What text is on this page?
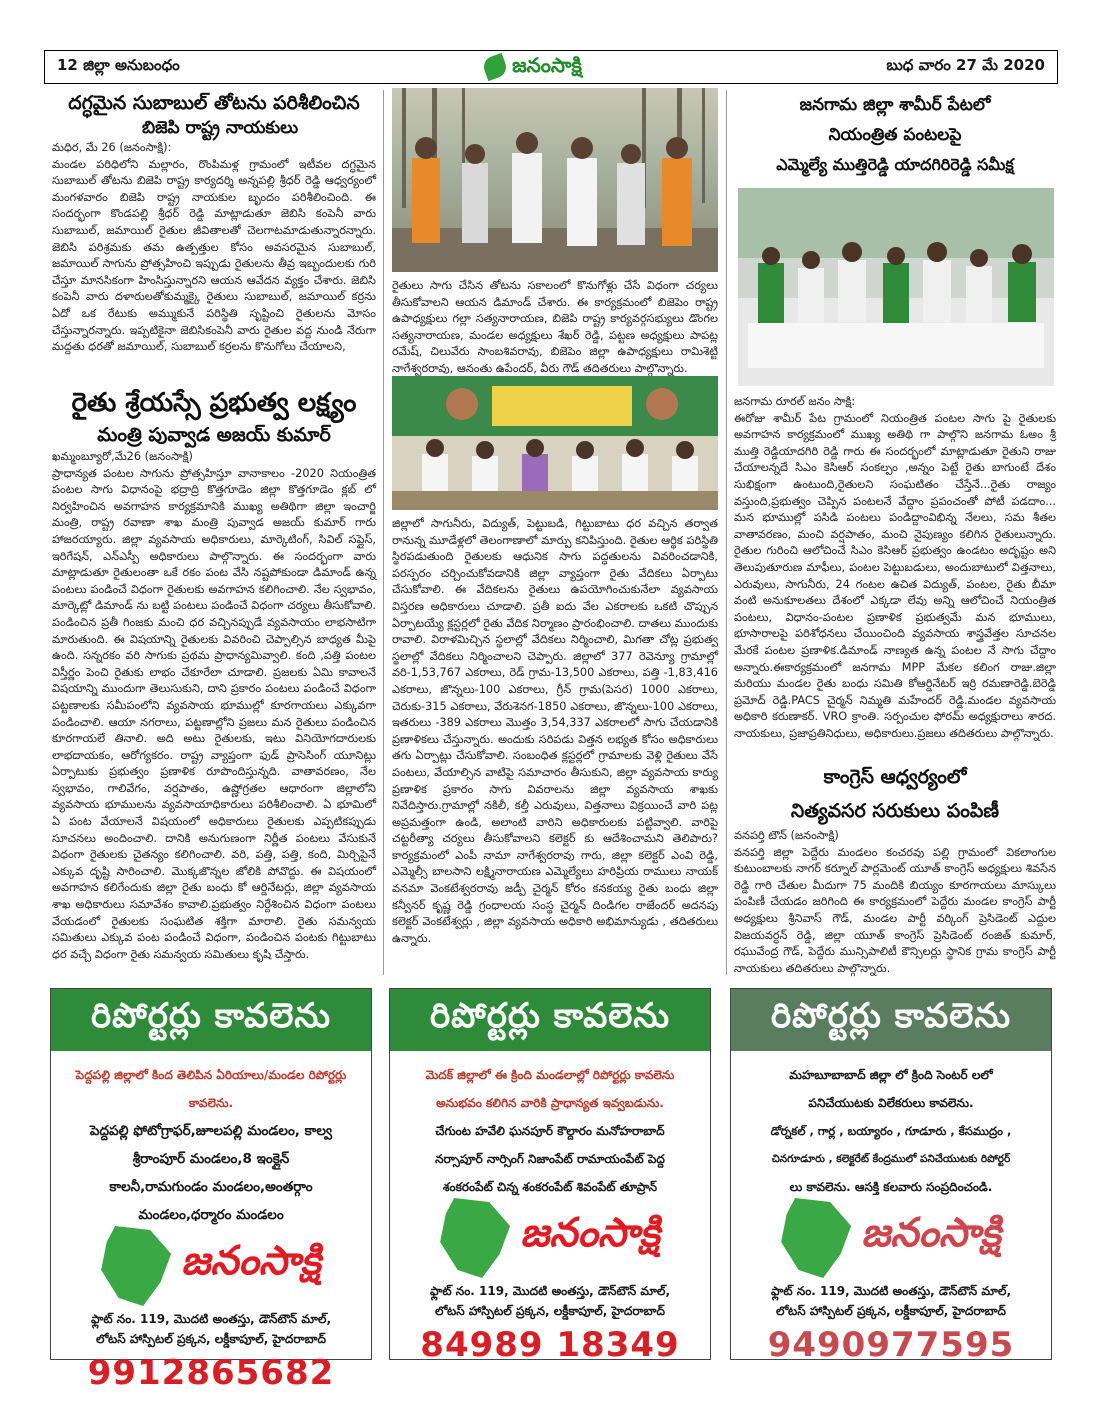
12 జిల్లా అనుబంధం	జనంసాక్షి	బుధ వారం 27 మే 2020
దగ్ధమైన సుబాబుల్ తోటను పరిశీలించిన
బిజెపి రాష్ట్ర నాయకులు
మధిర, మే 26 (జనంసాక్షి):
మండల పరిధిలోని మల్లారం, రొంపిమళ్ల గ్రామంలో ఇటీవల దగ్ధమైన సుబాబుల్ తోటను బిజెపి రాష్ట్ర కార్యదర్శి అన్నపల్లి శ్రీధర్ రెడ్డి ఆధ్వర్యంలో మంగళవారం బిజెపి రాష్ట్ర నాయకుల బృందం పరిశీలించింది. ఈ సందర్భంగా కొండపల్లి శ్రీధర్ రెడ్డి మాట్లాడుతూ జెబిసి కంపెనీ వారు సుబాబుల్, జమాయిల్ రైతుల జీవితాలతో చెలగాటమాడుతున్నారన్నారు. జెబిసి పరిశ్రమకు తమ ఉత్పత్తుల కోసం అవసరమైన సుబాబుల్, జమాయిల్ సాగును ప్రోత్సహించి ఇప్పుడు రైతులను తీవ్ర ఇబ్బందులకు గురి చేస్తూ మానసికంగా హింసిస్తున్నారని ఆయన ఆవేదన వ్యక్తం చేశారు. జెబిసి కంపెనీ వారు దళారులతోకుమ్మక్కై రైతులు సుబాబుల్, జమాయిల్ కర్రను ఏదో ఒక రేటుకు అమ్ముకునే పరిస్థితి సృష్టించి రైతులను మోసం చేస్తున్నారన్నారు. ఇప్పటికైనా జెబిసికంపెనీ వారు రైతుల వద్ద నుండి నేరుగా మద్దతు ధరతో జమాయిల్, సుబాబుల్ కర్రలను కొనుగోలు చేయాలని,
రైతు శ్రేయస్సే ప్రభుత్వ లక్ష్యం
మంత్రి పువ్వాడ అజయ్ కుమార్
ఖమ్మంబ్యూరో,మే26 (జనంసాక్షి)
ప్రాధాన్యత పంటల సాగును ప్రోత్సహిస్తూ వానాకాలం -2020 నియంత్రిత పంటల సాగు విధానంపై భద్రాద్రి కొత్తగూడెం జిల్లా కొత్తగూడెం క్లబ్ లో నిర్వహించిన అవగాహన కార్యక్రమానికి ముఖ్య అతిథిగా జిల్లా ఇంచార్జి మంత్రి, రాష్ట్ర రవాణా శాఖ మంత్రి పువ్వాడ అజయ్ కుమార్ గారు హాజరయ్యారు. జిల్లా వ్యవసాయ అధికారులు, మార్కెటింగ్, సివిల్ సప్లైస్, ఇరిగేషన్, ఎన్ఎస్పీ అధికారులు పాల్గొన్నారు. ఈ సందర్భంగా వారు మాట్లాడుతూ రైతులంతా ఒకే రకం పంట వేసి నష్టపోకుండా డిమాండ్ ఉన్న పంటలు పండించే విధంగా రైతులకు అవగాహన కలిగించాలి. నేల స్వభావం, మార్కెట్లో డిమాండ్ ను బట్టి పంటలు పండించే విధంగా చర్యలు తీసుకోవాలి. పండించిన ప్రతీ గింజకు మంచి ధర వచ్చినప్పుడే వ్యవసాయం లాభసాటిగా మారుతుంది. ఈ విషయాన్ని రైతులకు వివరించి చెప్పాల్సిన బాధ్యత మీపై ఉంది. సన్నరకం వరి సాగుకు ప్రథమ ప్రాధాన్యమివ్వాలి. కంది ,పత్తి పంటల విస్తీర్ణం పెంచి రైతుకు లాభం చేకూరేలా చూడాలి. ప్రజలకు ఏమి కావాలనే విషయాన్ని ముందుగా తెలుసుకుని, దాని ప్రకారం పంటలు పండించే విధంగా పట్టణాలకు సమీపంలోని వ్యవసాయ భూముల్లో కూరగాయలు ఎక్కువగా పండించాలి. ఆయా నగరాలు, పట్టణాల్లోని ప్రజలు మన రైతులు పండించిన కూరగాయలే తినాలి. అది అటు రైతులకు, ఇటు వినియోగదారులకు లాభదాయకం, ఆరోగ్యకరం. రాష్ట్ర వ్యాప్తంగా ఫుడ్ ప్రాసెసింగ్ యూనిట్లు ఏర్పాటుకు ప్రభుత్వం ప్రణాళిక రూపొందిస్తున్నది. వాతావరణం, నేల స్వభావం, గాలివేగం, వర్షపాతం, ఉష్ణోగ్రతల ఆధారంగా జిల్లాలోని వ్యవసాయ భూములను వ్యవసాయాధికారులు పరిశీలించాలి. ఏ భూమిలో ఏ పంట వేయాలనే విషయంలో అధికారులు రైతులకు ఎప్పటికప్పుడు సూచనలు అందించాలి. దానికి అనుగుణంగా నిర్ణీత పంటలు వేసుకునే విధంగా రైతులకు చైతన్యం కలిగించాలి. వరి, పత్తి, పత్తి, కంది, మిర్చిపైనే ఎక్కువ దృష్టి సారించాలి. మొక్కజొన్నల జోలికి పోవొద్దు. ఈ విషయంలో అవగాహన కలిగేందుకు జిల్లా రైతు బంధు కో ఆర్డినేటర్లు, జిల్లా వ్యవసాయ శాఖ అధికారులు సమావేశం కావాలి.ప్రభుత్వం నిర్దేశించిన విధంగా పంటలు వేయడంలో రైతులకు సంఘటిత శక్తిగా మారాలి. రైతు సమన్వయ సమితులు ఎక్కువ పంట పండించే విధంగా, పండించిన పంటకు గిట్టుబాటు ధర వచ్చే విధంగా రైతు సమన్వయ సమితులు కృషి చేస్తారు.
రైతులు సాగు చేసిన తోటను సకాలంలో కొనుగోళ్లు చేసే విధంగా చర్యలు తీసుకోవాలని ఆయన డిమాండ్ చేశారు. ఈ కార్యక్రమంలో బిజెపెం రాష్ట్ర ఉపాధ్యక్షులు గల్లా సత్యనారాయణ, బిజెపి రాష్ట్ర కార్యవర్గసభ్యులు డొంగల సత్యనారాయణ, మండల అధ్యక్షులు శేఖర్ రెడ్డి, పట్టణ అధ్యక్షులు పాపట్ల రమేష్, చిలువేరు సాంబశివరావు, బిజెపెం జిల్లా ఉపాధ్యక్షులు రామిశెట్టి నాగేశ్వరరావు, ఆనంతు ఉపేందర్, వీరు గౌడ్ తదితరులు పాల్గొన్నారు.
జిల్లాలో సాగునీరు, విద్యుత్, పెట్టుబడి, గిట్టుబాటు ధర వచ్చిన తర్వాత రానున్న మూడేళ్లలో తెలంగాణాలో మార్పు కనిపిస్తుంది. రైతుల ఆర్థిక పరిస్థితి స్థిరపడుతుంది రైతులకు ఆధునిక సాగు పద్ధతులను వివరించడానికి, పరస్పరం చర్చించుకోవడానికి జిల్లా వ్యాప్తంగా రైతు వేదికలు ఏర్పాటు చేసుకోవాలి. ఈ వేదికలను రైతులు ఉపయోగించుకునేలా వ్యవసాయ విస్తరణ అధికారులు చూడాలి. ప్రతీ ఐదు వేల ఎకరాలకు ఒకటి చొప్పున ఏర్పాటయ్యే క్లస్టర్లలో రైతు వేదిక నిర్మాణం ప్రారంభించాలి. దాతలు ముందుకు రావాలి. విరాళమిచ్చిన స్థలాల్లో వేదికలు నిర్మించాలి, మిగతా చోట్ల ప్రభుత్వ స్థలాల్లో వేదికలు నిర్మించాలని చెప్పారు. జిల్లాలో 377 రెవెన్యూ గ్రామాల్లో వరి-1,53,767 ఎకరాలు, రెడ్ గ్రామ-13,500 ఎకరాలు, పత్తి -1,83,416 ఎకరాలు, జొన్నలు-100 ఎకరాలు, గ్రీన్ గ్రామ(పెసర) 1000 ఎకరాలు, చెరుకు-315 ఎకరాలు, వేరుశెనగ-1850 ఎకరాలు, జొన్నలు-100 ఎకరాలు, ఇతరులు -389 ఎకరాలు మొత్తం 3,54,337 ఎకరాలలో సాగు చేయడానికి ప్రణాళికలు చేస్తున్నారు. అందుకు సరిపడు విత్తన లభ్యత కోసం అధికారులు తగు ఏర్పాట్లు చేసుకోవాలి. సంబంధిత క్లస్టర్లలో గ్రామాలకు వెళ్లి రైతులు వేసే పంటలు, వేయాల్సిన వాటిపై సమాచారం తీసుకుని, జిల్లా వ్యవసాయ కార్యు ప్రణాళిక ప్రకారం సాగు వివరాలను జిల్లా వ్యవసాయ శాఖకు నివేదిస్తారు.గ్రామాల్లో నకిలీ, కల్తీ ఎరువులు, విత్తనాలు విక్రయించే వారి పట్ల అప్రమత్తంగా ఉండి, అలాంటి వారిని అధికారులకు పట్టివ్వాలి. వారిపై చట్టరీత్యా చర్యలు తీసుకోవాలని కలెక్టర్ కు ఆదేశించామని తెలిపారు? కార్యక్రమంలో ఎంపీ నామా నాగేశ్వరరావు గారు, జిల్లా కలెక్టర్ ఎంవి రెడ్డి, ఎమ్మెల్సీ బాలసాని లక్ష్మినారాయణ ఎమ్మెల్యేలు హరిప్రియ రాములు నాయక్ వనమా వెంకటేశ్వరరావు జడ్పీ చైర్మన్ కోరం కనకయ్య రైతు బంధు జిల్లా కన్వీనర్ కృష్ణ రెడ్డి గ్రంధాలయ సంస్థ చైర్మన్ దిండిగల రాజేందర్ అదనపు కలెక్టర్ వెంకటేశ్వర్లు , జిల్లా వ్యవసాయ అధికారి అభిమాన్యుడు , తదితరులు ఉన్నారు.
జనగామ జిల్లా శామీర్ పేటలో
నియంత్రిత పంటలపై
ఎమ్మెల్యే ముత్తిరెడ్డి యాదగిరిరెడ్డి సమీక్ష
జనగామ రూరల్ జనం సాక్షి:
ఈరోజు శామీర్ పేట గ్రామంలో నియంత్రిత పంటల సాగు పై రైతులకు అవగాహన కార్యక్రమంలో ముఖ్య అతిథి గా పాల్గొని జనగామ ఓఅం శ్రీ ముత్తి రెడ్డియాదగిరి రెడ్డి గారు ఈ సందర్భంలో మాట్లాడుతూ రైతుని రాజు చేయాలన్నదే సిఎం కెసిఆర్ సంకల్పం ,అన్నం పెట్టే రైతు బాగుంటే దేశం సుభిక్షంగా ఉంటుంది,రైతులని సంఘటితం చేస్తేనే...రైతు రాజ్యం వస్తుంది,ప్రభుత్వం చెప్పిన పంటలనే వేద్దాం ప్రపంచంతో పోటీ పడదాం... మన భూముల్లో పసిడి పంటలు పండిద్దాంవిభిన్న నేలలు, సమ శీతల వాతావరణం, మంచి వర్షపాతం, మంచి నైపుణ్యం కలిగిన రైతులున్నారు. రైతుల గురించి ఆలోచించే సిఎం కెసిఆర్ ప్రభుత్వం ఉండటం అదృష్టం అని తెలుపుతూరుణ మాఫీలు, పంటల పెట్టుబడులు, అందుబాటులో విత్తనాలు, ఎరువులు, సాగునీరు, 24 గంటల ఉచిత విద్యుత్, పంటల, రైతు బీమా వంటి అనుకూలతలు దేశంలో ఎక్కడా లేవు అన్ని ఆలోచించే నియంత్రిత పంటలు, విధానం-పంటల ప్రణాళిక ప్రభుత్వమే మన భూములు, భూసారాలపై పరిశోధనలు చేయించింది వ్యవసాయ శాస్త్రవేత్తల సూచనల మేరకే పంటల ప్రణాళిక.డిమాండ్ నాణ్యత ఉన్న పంటల నే సాగు చేద్దాం అన్నారు.ఈకార్యక్రమంలో జనగామ MPP మేకల కలింగ రాజు.జిల్లా మరియు మండల రైతు బంధు సమితి కోఆర్డినేటర్ ఇర్రి రమణారెడ్డి.బెరెడ్డి ప్రమోద్ రెడ్డి.PACS చైర్మన్ నిమ్మతి మహేందర్ రెడ్డి.మండల వ్యవసాయ అధికారి కరుణాకర్. VRO క్రాంతి. సర్పంచుల ఫోరమ్ అధ్యక్షురాలు శారద. నాయకులు, ప్రజాప్రతినిధులు, అధికారులు.ప్రజలు తదితరులు పాల్గొన్నారు.
కాంగ్రెస్ ఆధ్వర్యంలో
నిత్యవసర సరుకులు పంపిణీ
వనపర్తి టౌన్ (జనంసాక్షి)
వనపర్తి జిల్లా పెద్దేరు మండలం కంచరవు పల్లి గ్రామంలో వికలాంగుల కుటుంబాలకు నాగర్ కర్నూల్ పార్లమెంట్ యూత్ కాంగ్రెస్ అధ్యక్షులు శివసేన రెడ్డి గారి చేతుల మీదుగా 75 మందికి బియ్యం కూరగాయలు మాస్కులు పంపిణీ చేయడం జరిగింది ఈ కార్యక్రమంలో పెద్దేరు మండల కాంగ్రెస్ పార్టీ అధ్యక్షులు శ్రీనివాస్ గౌడ్, మండల పార్టీ వర్కింగ్ ప్రెసిడెంట్ ఎద్దుల విజయవర్ధన్ రెడ్డి, జిల్లా యూత్ కాంగ్రెస్ ప్రెసిడెంట్ రంజిత్ కుమార్, రఘువేంద్ర గౌడ్, పెద్దేరు మున్సిపాలిటీ కౌన్సిలర్లు స్థానిక గ్రామ కాంగ్రెస్ పార్టీ నాయకులు తదితరులు పాల్గొన్నారు.
రిపోర్టర్లు కావలెను
పెద్దపల్లి జిల్లాలో కింద తెలిపిన ఏరియాలు/మండల రిపోర్టర్లు కావలెను.
పెద్దపల్లి ఫోటోగ్రాఫర్,జూలపల్లి మండలం, కాల్వ
శ్రీరాంపూర్ మండలం,8 ఇంక్లైన్
కాలనీ,రామగుండం మండలం,అంతర్గాం
మండలం,ధర్మారం మండలం
జనంసాక్షి
ఫ్లాట్ నం. 119, మొదటి అంతస్తు, డౌన్‌టౌన్ మాల్,
లోటస్ హాస్పిటల్ ప్రక్కన, లక్డీకాపూల్, హైదరాబాద్
9912865682
రిపోర్టర్లు కావలెను
మెదక్ జిల్లాలో ఈ క్రింది మండలాల్లో రిపోర్టర్లు కావలెను
అనుభవం కలిగిన వారికి ప్రాధాన్యత ఇవ్వబడును.
చేగుంట హవేలి ఘనపూర్ కౌల్దారం మనోహరాబాద్
నర్సాపూర్ నార్సింగ్ నిజాంపేట్ రామాయంపేట్ పెద్ద
శంకరంపేట్ చిన్న శంకరంపేట్ శివంపేట్ తూప్రాన్
జనంసాక్షి
ఫ్లాట్ నం. 119, మొదటి అంతస్తు, డౌన్‌టౌన్ మాల్,
లోటస్ హాస్పిటల్ ప్రక్కన, లక్డీకాపూల్, హైదరాబాద్
84989 18349
రిపోర్టర్లు కావలెను
మహబూబాబాద్ జిల్లా లో క్రింది సెంటర్ లలో
పనిచేయుటకు విలేకరులు కావలెను.
డోర్నకల్ , గార్ల , బయ్యారం , గూడూరు , కేసముద్రం ,
చినగూడూరు , కలెక్టరేట్ కేంద్రములో పనిచేయుటకు రిపోర్టర్
లు కావలెను. ఆసక్తి కలవారు సంప్రదించండి.
జనంసాక్షి
ఫ్లాట్ నం. 119, మొదటి అంతస్తు, డౌన్‌టౌన్ మాల్,
లోటస్ హాస్పిటల్ ప్రక్కన, లక్డీకాపూల్, హైదరాబాద్
9490977595
